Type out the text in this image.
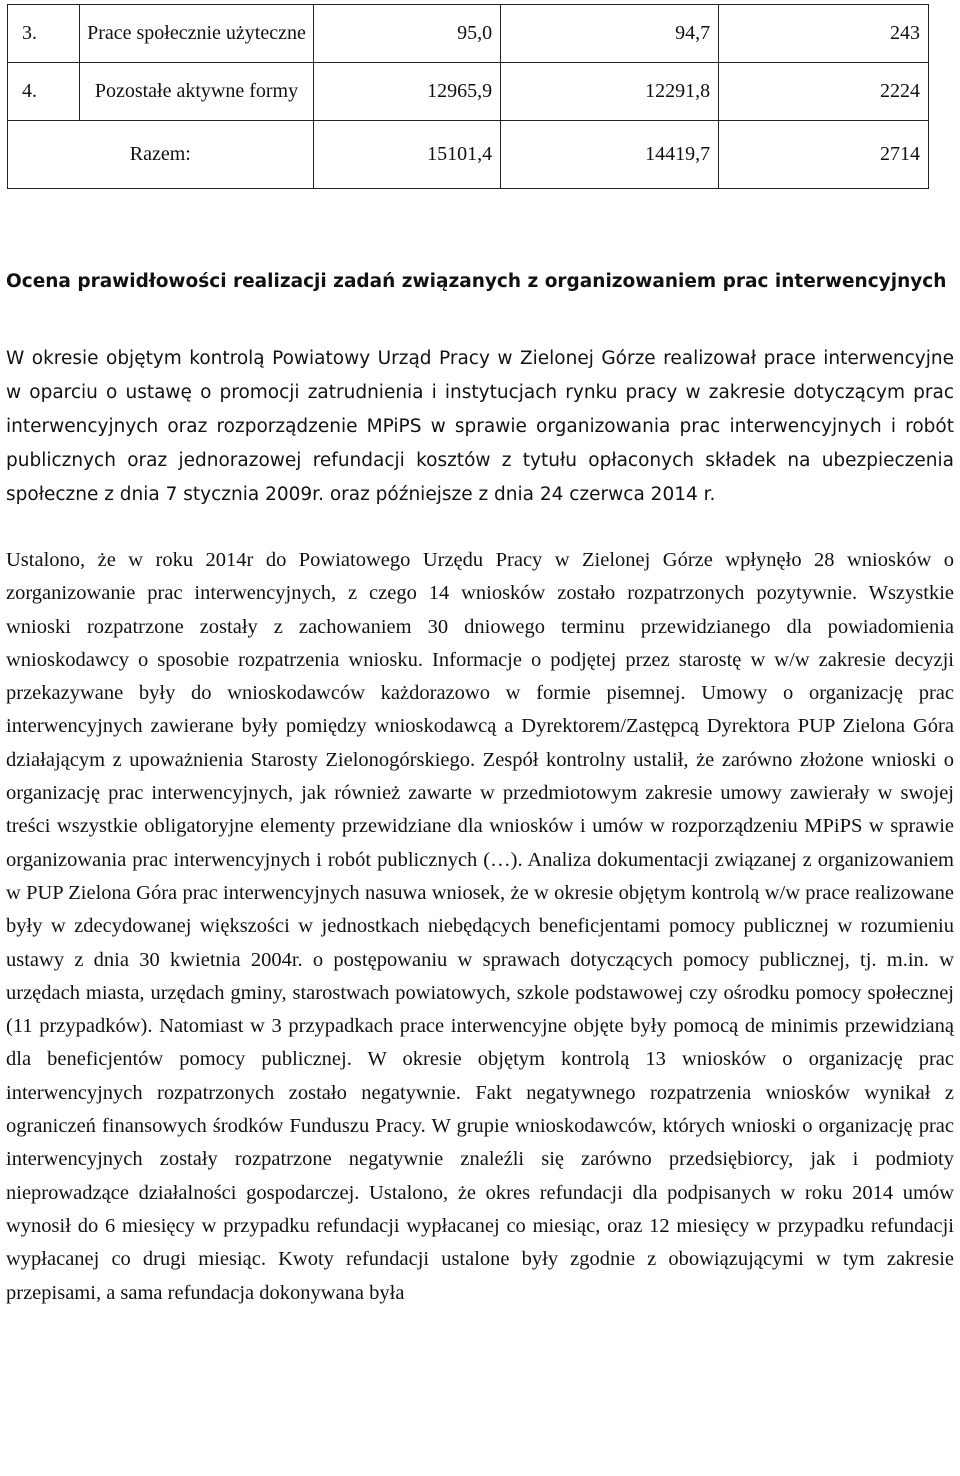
3.	Prace społecznie użyteczne	95,0	94,7	243
4.	Pozostałe aktywne formy	12965,9	12291,8	2224
Razem:		15101,4	14419,7	2714

Ocena prawidłowości realizacji zadań związanych z organizowaniem prac interwencyjnych

W okresie objętym kontrolą Powiatowy Urząd Pracy w Zielonej Górze realizował prace interwencyjne w oparciu o ustawę o promocji zatrudnienia i instytucjach rynku pracy w zakresie dotyczącym prac interwencyjnych oraz rozporządzenie MPiPS w sprawie organizowania prac interwencyjnych i robót publicznych oraz jednorazowej refundacji kosztów z tytułu opłaconych składek na ubezpieczenia społeczne z dnia 7 stycznia 2009r. oraz późniejsze z dnia 24 czerwca 2014 r.

Ustalono, że w roku 2014r do Powiatowego Urzędu Pracy w Zielonej Górze wpłynęło 28 wniosków o zorganizowanie prac interwencyjnych, z czego 14 wniosków zostało rozpatrzonych pozytywnie. Wszystkie wnioski rozpatrzone zostały z zachowaniem 30 dniowego terminu przewidzianego dla powiadomienia wnioskodawcy o sposobie rozpatrzenia wniosku. Informacje o podjętej przez starostę w w/w zakresie decyzji przekazywane były do wnioskodawców każdorazowo w formie pisemnej. Umowy o organizację prac interwencyjnych zawierane były pomiędzy wnioskodawcą a Dyrektorem/Zastępcą Dyrektora PUP Zielona Góra działającym z upoważnienia Starosty Zielonogórskiego. Zespół kontrolny ustalił, że zarówno złożone wnioski o organizację prac interwencyjnych, jak również zawarte w przedmiotowym zakresie umowy zawierały w swojej treści wszystkie obligatoryjne elementy przewidziane dla wniosków i umów w rozporządzeniu MPiPS w sprawie organizowania prac interwencyjnych i robót publicznych (…). Analiza dokumentacji związanej z organizowaniem w PUP Zielona Góra prac interwencyjnych nasuwa wniosek, że w okresie objętym kontrolą w/w prace realizowane były w zdecydowanej większości w jednostkach niebędących beneficjentami pomocy publicznej w rozumieniu ustawy z dnia 30 kwietnia 2004r. o postępowaniu w sprawach dotyczących pomocy publicznej, tj. m.in. w urzędach miasta, urzędach gminy, starostwach powiatowych, szkole podstawowej czy ośrodku pomocy społecznej (11 przypadków). Natomiast w 3 przypadkach prace interwencyjne objęte były pomocą de minimis przewidzianą dla beneficjentów pomocy publicznej. W okresie objętym kontrolą 13 wniosków o organizację prac interwencyjnych rozpatrzonych zostało negatywnie. Fakt negatywnego rozpatrzenia wniosków wynikał z ograniczeń finansowych środków Funduszu Pracy. W grupie wnioskodawców, których wnioski o organizację prac interwencyjnych zostały rozpatrzone negatywnie znaleźli się zarówno przedsiębiorcy, jak i podmioty nieprowadzące działalności gospodarczej. Ustalono, że okres refundacji dla podpisanych w roku 2014 umów wynosił do 6 miesięcy w przypadku refundacji wypłacanej co miesiąc, oraz 12 miesięcy w przypadku refundacji wypłacanej co drugi miesiąc. Kwoty refundacji ustalone były zgodnie z obowiązującymi w tym zakresie przepisami, a sama refundacja dokonywana była
